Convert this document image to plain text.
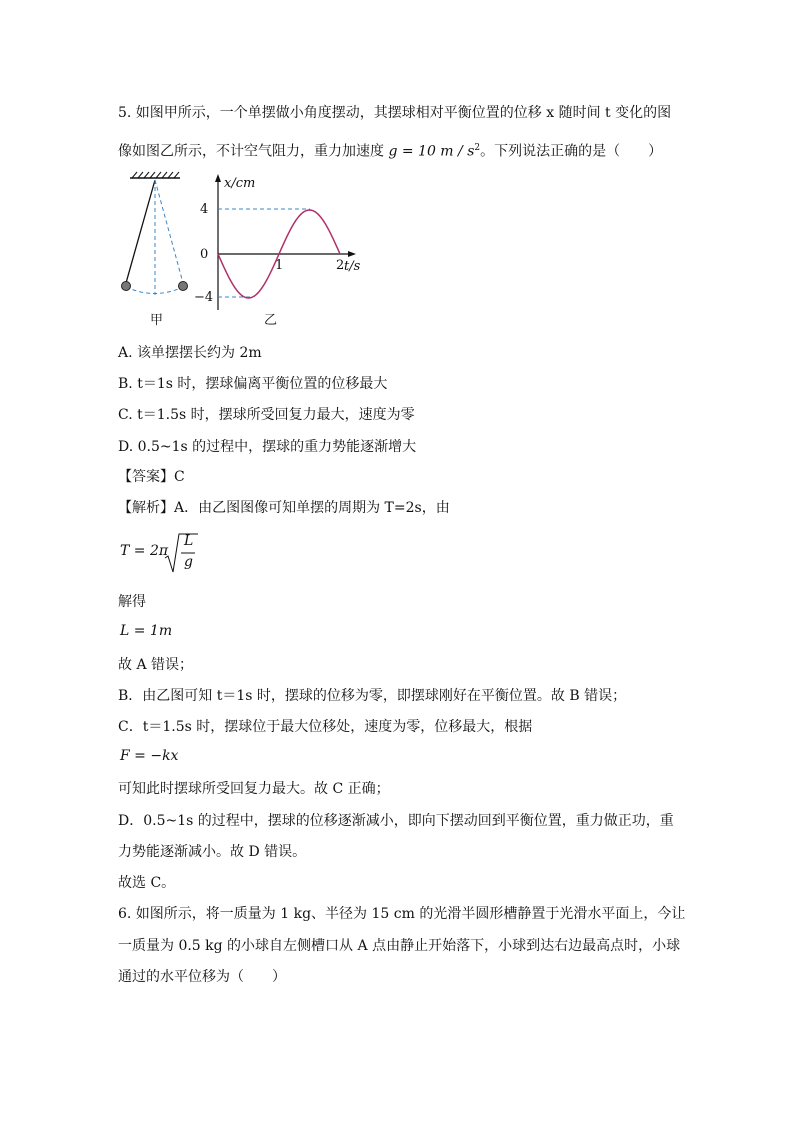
5. 如图甲所示，一个单摆做小角度摆动，其摆球相对平衡位置的位移 x 随时间 t 变化的图
像如图乙所示，不计空气阻力，重力加速度 g = 10 m / $s^2$。下列说法正确的是（　　）
甲
x/cm
t/s
4
0
−4
1	2
乙
A. 该单摆摆长约为 2m
B. t＝1s 时，摆球偏离平衡位置的位移最大
C. t＝1.5s 时，摆球所受回复力最大，速度为零
D. 0.5~1s 的过程中，摆球的重力势能逐渐增大
【答案】C
【解析】A．由乙图图像可知单摆的周期为 T=2s，由
T = 2π
L
g
解得
L = 1m
故 A 错误；
B．由乙图可知 t＝1s 时，摆球的位移为零，即摆球刚好在平衡位置。故 B 错误；
C．t＝1.5s 时，摆球位于最大位移处，速度为零，位移最大，根据
F = −kx
可知此时摆球所受回复力最大。故 C 正确；
D．0.5~1s 的过程中，摆球的位移逐渐减小，即向下摆动回到平衡位置，重力做正功，重
力势能逐渐减小。故 D 错误。
故选 C。
6. 如图所示，将一质量为 1 kg、半径为 15 cm 的光滑半圆形槽静置于光滑水平面上，今让
一质量为 0.5 kg 的小球自左侧槽口从 A 点由静止开始落下，小球到达右边最高点时，小球
通过的水平位移为（　　）
